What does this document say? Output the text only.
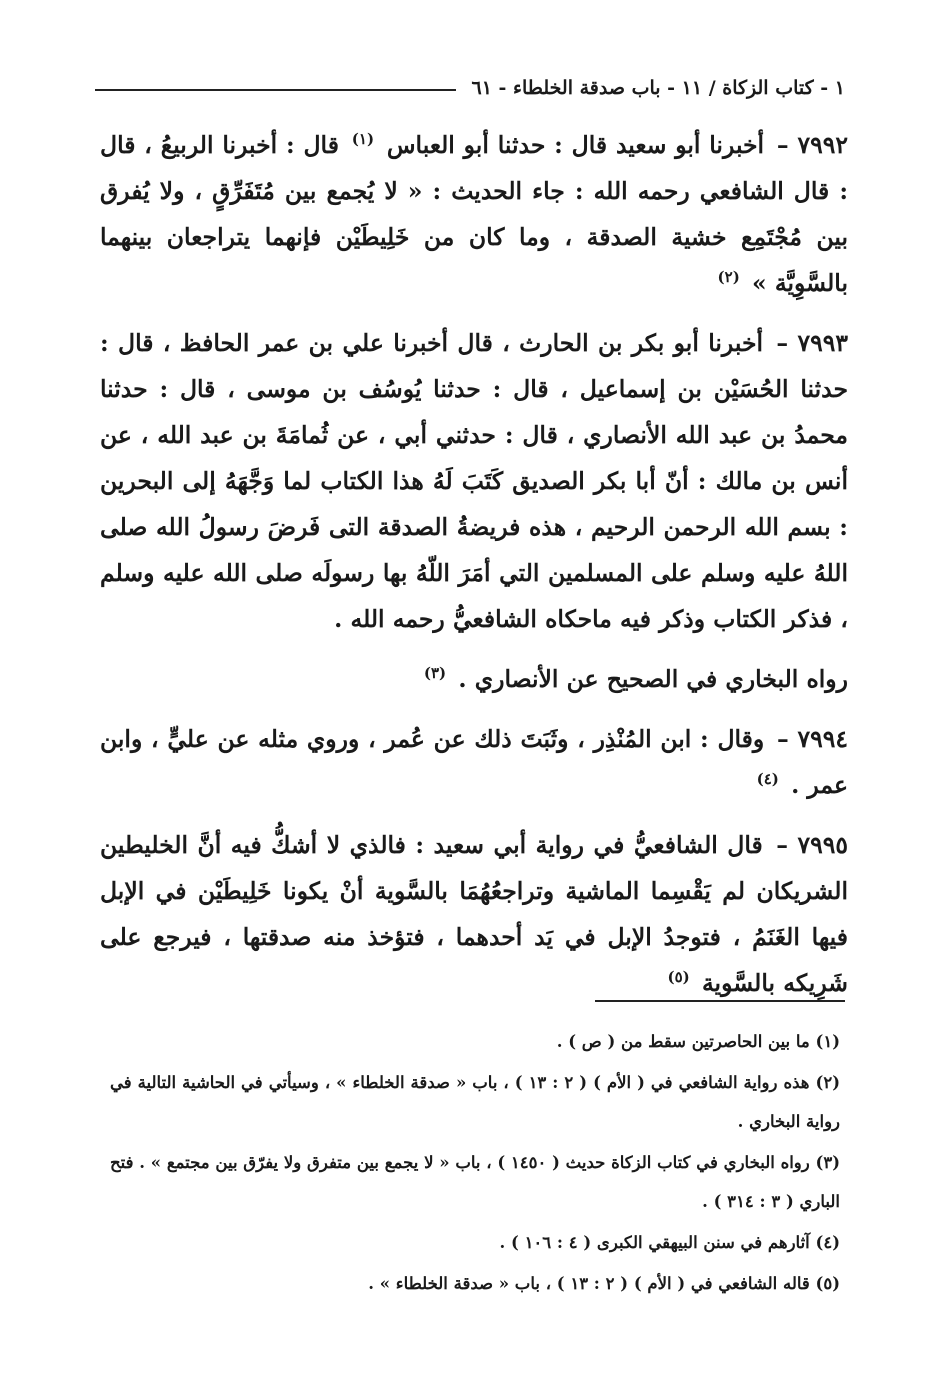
١ - كتاب الزكاة / ١١ - باب صدقة الخلطاء - ٦١

٧٩٩٢ – أخبرنا أبو سعيد قال : حدثنا أبو العباس $^{(١)}$ قال : أخبرنا الربيعُ ، قال : قال الشافعي رحمه الله : جاء الحديث : « لا يُجمع بين مُتَفَرِّقٍ ، ولا يُفرق بين مُجْتَمِع خشية الصدقة ، وما كان من خَلِيطَيْن فإنهما يتراجعان بينهما بالسَّوِيَّة » $^{(٢)}$

٧٩٩٣ – أخبرنا أبو بكر بن الحارث ، قال أخبرنا علي بن عمر الحافظ ، قال : حدثنا الحُسَيْن بن إسماعيل ، قال : حدثنا يُوسُف بن موسى ، قال : حدثنا محمدُ بن عبد الله الأنصاري ، قال : حدثني أبي ، عن ثُمامَةَ بن عبد الله ، عن أنس بن مالك : أنّ أبا بكر الصديق كَتَبَ لَهُ هذا الكتاب لما وَجَّهَهُ إلى البحرين : بسم الله الرحمن الرحيم ، هذه فريضةُ الصدقة التى فَرضَ رسولُ الله صلى اللهُ عليه وسلم على المسلمين التي أمَرَ اللّهُ بها رسولَه صلى الله عليه وسلم ، فذكر الكتاب وذكر فيه ماحكاه الشافعيُّ رحمه الله .

رواه البخاري في الصحيح عن الأنصاري . $^{(٣)}$

٧٩٩٤ – وقال : ابن المُنْذِر ، وثَبَتَ ذلك عن عُمر ، وروي مثله عن عليٍّ ، وابن عمر . $^{(٤)}$

٧٩٩٥ – قال الشافعيُّ في رواية أبي سعيد : فالذي لا أشكُّ فيه أنَّ الخليطين الشريكان لم يَقْسِما الماشية وتراجعُهُمَا بالسَّوية أنْ يكونا خَلِيطَيْن في الإبل فيها الغَنَمُ ، فتوجدُ الإبل في يَد أحدهما ، فتؤخذ منه صدقتها ، فيرجع على شَرِيكه بالسَّوية $^{(٥)}$

(١) ما بين الحاصرتين سقط من ( ص ) .

(٢) هذه رواية الشافعي في ( الأم ) ( ٢ : ١٣ ) ، باب « صدقة الخلطاء » ، وسيأتي في الحاشية التالية في رواية البخاري .

(٣) رواه البخاري في كتاب الزكاة حديث ( ١٤٥٠ ) ، باب « لا يجمع بين متفرق ولا يفرّق بين مجتمع » . فتح الباري ( ٣ : ٣١٤ ) .

(٤) آثارهم في سنن البيهقي الكبرى ( ٤ : ١٠٦ ) .

(٥) قاله الشافعي في ( الأم ) ( ٢ : ١٣ ) ، باب « صدقة الخلطاء » .
